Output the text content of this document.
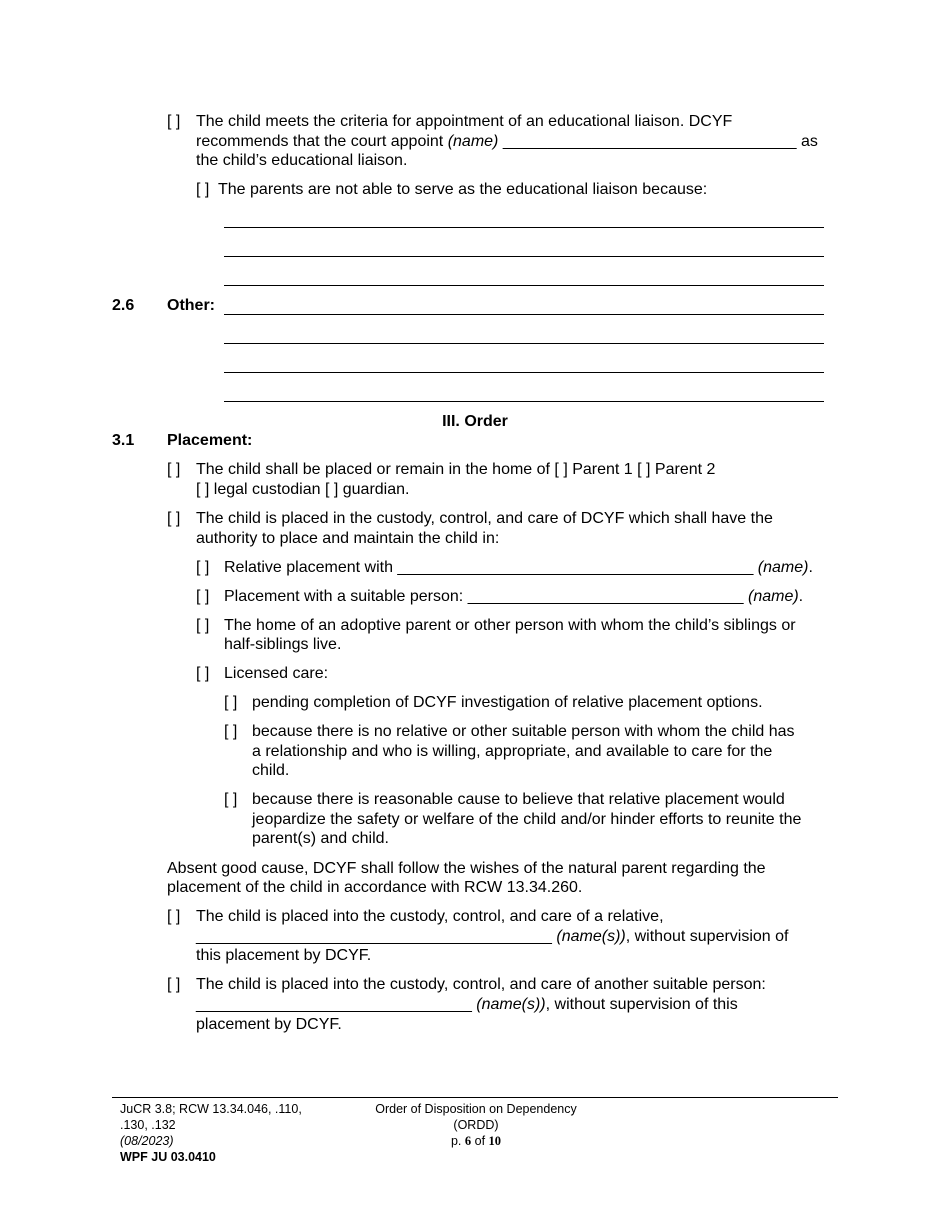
[ ] The child meets the criteria for appointment of an educational liaison. DCYF
recommends that the court appoint (name) _________________________________ as
the child’s educational liaison.
[ ] The parents are not able to serve as the educational liaison because:
2.6 Other:
III. Order
3.1 Placement:
[ ] The child shall be placed or remain in the home of [ ] Parent 1 [ ] Parent 2
[ ] legal custodian [ ] guardian.
[ ] The child is placed in the custody, control, and care of DCYF which shall have the
authority to place and maintain the child in:
[ ] Relative placement with ________________________________________ (name).
[ ] Placement with a suitable person: _______________________________ (name).
[ ] The home of an adoptive parent or other person with whom the child’s siblings or
half-siblings live.
[ ] Licensed care:
[ ] pending completion of DCYF investigation of relative placement options.
[ ] because there is no relative or other suitable person with whom the child has
a relationship and who is willing, appropriate, and available to care for the
child.
[ ] because there is reasonable cause to believe that relative placement would
jeopardize the safety or welfare of the child and/or hinder efforts to reunite the
parent(s) and child.
Absent good cause, DCYF shall follow the wishes of the natural parent regarding the
placement of the child in accordance with RCW 13.34.260.
[ ] The child is placed into the custody, control, and care of a relative,
________________________________________ (name(s)), without supervision of
this placement by DCYF.
[ ] The child is placed into the custody, control, and care of another suitable person:
_______________________________ (name(s)), without supervision of this
placement by DCYF.
JuCR 3.8; RCW 13.34.046, .110,
.130, .132
(08/2023)
WPF JU 03.0410
Order of Disposition on Dependency
(ORDD)
p. 6 of 10
